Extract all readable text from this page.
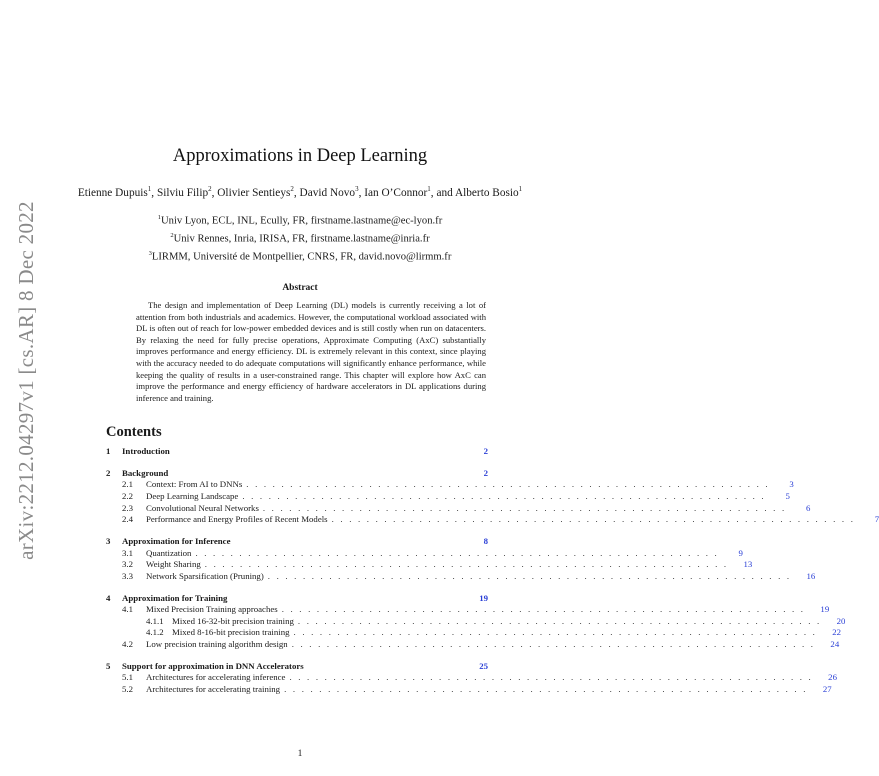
arXiv:2212.04297v1 [cs.AR] 8 Dec 2022
Approximations in Deep Learning
Etienne Dupuis$^1$, Silviu Filip$^2$, Olivier Sentieys$^2$, David Novo$^3$, Ian O’Connor$^1$, and Alberto Bosio$^1$
$^1$Univ Lyon, ECL, INL, Ecully, FR, firstname.lastname@ec-lyon.fr
$^2$Univ Rennes, Inria, IRISA, FR, firstname.lastname@inria.fr
$^3$LIRMM, Université de Montpellier, CNRS, FR, david.novo@lirmm.fr
Abstract

The design and implementation of Deep Learning (DL) models is currently receiving a lot of attention from both industrials and academics. However, the computational workload associated with DL is often out of reach for low-power embedded devices and is still costly when run on datacenters. By relaxing the need for fully precise operations, Approximate Computing (AxC) substantially improves performance and energy efficiency. DL is extremely relevant in this context, since playing with the accuracy needed to do adequate computations will significantly enhance performance, while keeping the quality of results in a user-constrained range. This chapter will explore how AxC can improve the performance and energy efficiency of hardware accelerators in DL applications during inference and training.

Contents
1	Introduction	2
2	Background	2
2.1	Context: From AI to DNNs . . . . . . . . . . . . . . . . . . . . . . . . . . . . . . . . . . . . . . . . . . . . . . . . . . . . . . . . . . . .	3
2.2	Deep Learning Landscape . . . . . . . . . . . . . . . . . . . . . . . . . . . . . . . . . . . . . . . . . . . . . . . . . . . . . . . . . . . .	5
2.3	Convolutional Neural Networks . . . . . . . . . . . . . . . . . . . . . . . . . . . . . . . . . . . . . . . . . . . . . . . . . . . . . . . . . . . .	6
2.4	Performance and Energy Profiles of Recent Models . . . . . . . . . . . . . . . . . . . . . . . . . . . . . . . . . . . . . . . . . . . . . . . . . . . . . . . . . . . .	7
3	Approximation for Inference	8
3.1	Quantization . . . . . . . . . . . . . . . . . . . . . . . . . . . . . . . . . . . . . . . . . . . . . . . . . . . . . . . . . . . .	9
3.2	Weight Sharing . . . . . . . . . . . . . . . . . . . . . . . . . . . . . . . . . . . . . . . . . . . . . . . . . . . . . . . . . . . .	13
3.3	Network Sparsification (Pruning) . . . . . . . . . . . . . . . . . . . . . . . . . . . . . . . . . . . . . . . . . . . . . . . . . . . . . . . . . . . .	16
4	Approximation for Training	19
4.1	Mixed Precision Training approaches . . . . . . . . . . . . . . . . . . . . . . . . . . . . . . . . . . . . . . . . . . . . . . . . . . . . . . . . . . . .	19
4.1.1 Mixed 16-32-bit precision training . . . . . . . . . . . . . . . . . . . . . . . . . . . . . . . . . . . . . . . . . . . . . . . . . . . . . . . . . . . .	20
4.1.2 Mixed 8-16-bit precision training . . . . . . . . . . . . . . . . . . . . . . . . . . . . . . . . . . . . . . . . . . . . . . . . . . . . . . . . . . . .	22
4.2	Low precision training algorithm design . . . . . . . . . . . . . . . . . . . . . . . . . . . . . . . . . . . . . . . . . . . . . . . . . . . . . . . . . . . .	24
5	Support for approximation in DNN Accelerators	25
5.1	Architectures for accelerating inference . . . . . . . . . . . . . . . . . . . . . . . . . . . . . . . . . . . . . . . . . . . . . . . . . . . . . . . . . . . .	26
5.2	Architectures for accelerating training . . . . . . . . . . . . . . . . . . . . . . . . . . . . . . . . . . . . . . . . . . . . . . . . . . . . . . . . . . . .	27
1
